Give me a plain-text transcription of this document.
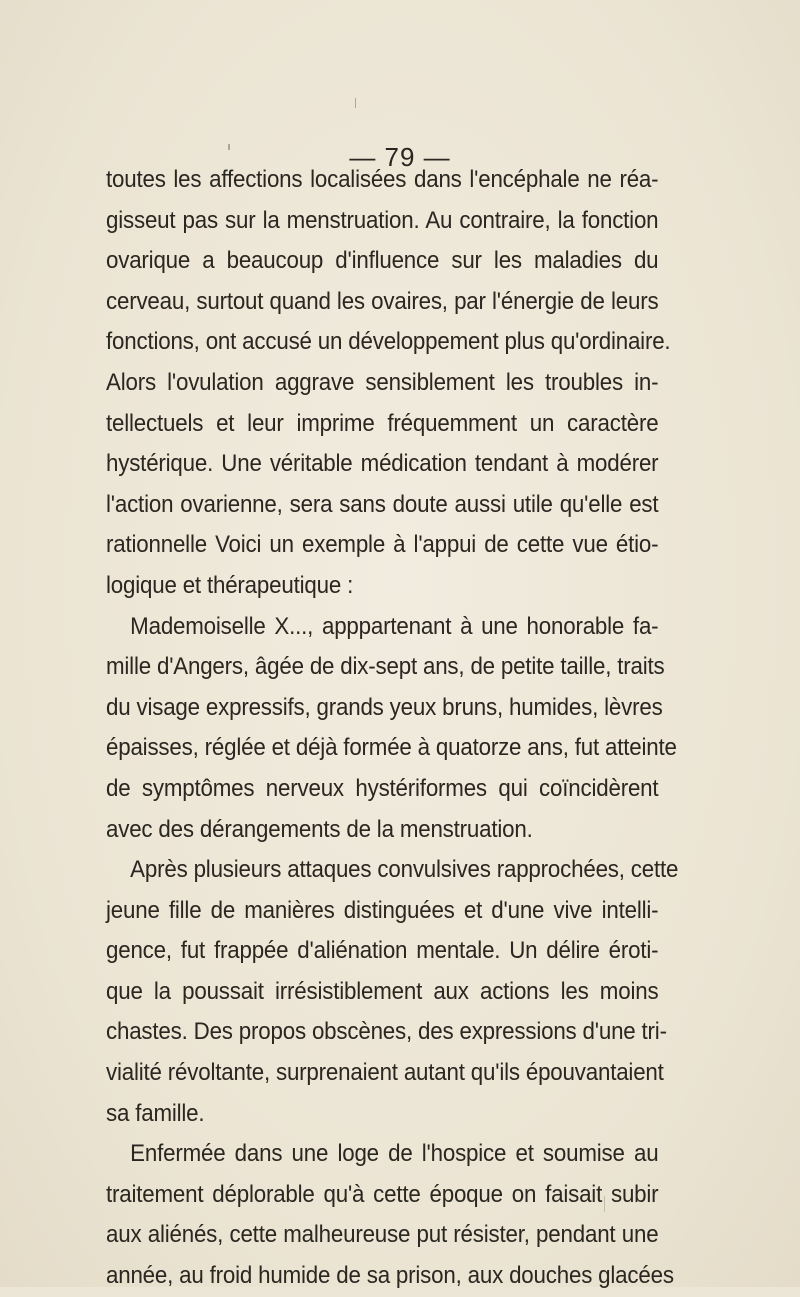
— 79 —
toutes les affections localisées dans l'encéphale ne réa-
gisseut pas sur la menstruation. Au contraire, la fonction
ovarique a beaucoup d'influence sur les maladies du
cerveau, surtout quand les ovaires, par l'énergie de leurs
fonctions, ont accusé un développement plus qu'ordinaire.
Alors l'ovulation aggrave sensiblement les troubles in-
tellectuels et leur imprime fréquemment un caractère
hystérique. Une véritable médication tendant à modérer
l'action ovarienne, sera sans doute aussi utile qu'elle est
rationnelle Voici un exemple à l'appui de cette vue étio-
logique et thérapeutique :
Mademoiselle X..., apppartenant à une honorable fa-
mille d'Angers, âgée de dix-sept ans, de petite taille, traits
du visage expressifs, grands yeux bruns, humides, lèvres
épaisses, réglée et déjà formée à quatorze ans, fut atteinte
de symptômes nerveux hystériformes qui coïncidèrent
avec des dérangements de la menstruation.
Après plusieurs attaques convulsives rapprochées, cette
jeune fille de manières distinguées et d'une vive intelli-
gence, fut frappée d'aliénation mentale. Un délire éroti-
que la poussait irrésistiblement aux actions les moins
chastes. Des propos obscènes, des expressions d'une tri-
vialité révoltante, surprenaient autant qu'ils épouvantaient
sa famille.
Enfermée dans une loge de l'hospice et soumise au
traitement déplorable qu'à cette époque on faisait subir
aux aliénés, cette malheureuse put résister, pendant une
année, au froid humide de sa prison, aux douches glacées
